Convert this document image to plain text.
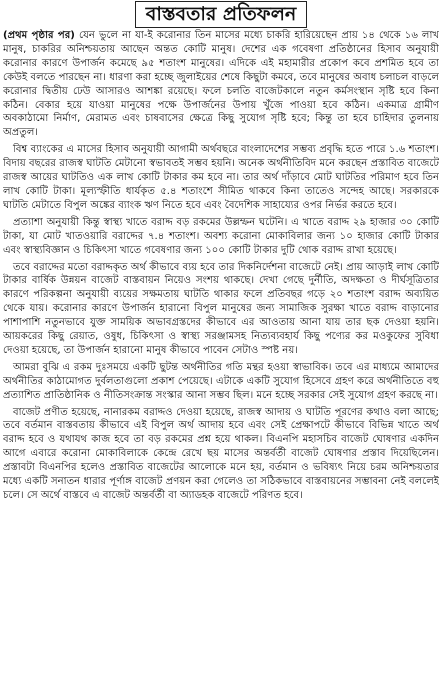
বাস্তবতার প্রতিফলন

(প্রথম পৃষ্ঠার পর) যেন ভুলে না যা-ই করোনার তিন মাসের মধ্যে চাকরি হারিয়েছেন প্রায় ১৪ থেকে ১৬ লাখ মানুষ, চাকরির অনিশ্চয়তায় আছেন অন্তত কোটি মানুষ। দেশের এক গবেষণা প্রতিষ্ঠানের হিসাব অনুযায়ী করোনার কারণে উপার্জন কমেছে ৯৫ শতাংশ মানুষের। এদিকে এই মহামারীর প্রকোপ কবে প্রশমিত হবে তা কেউই বলতে পারছেন না। ধারণা করা হচ্ছে জুলাইয়ের শেষে কিছুটা কমবে, তবে মানুষের অবাধ চলাচল বাড়লে করোনার দ্বিতীয় ঢেউ আসারও আশঙ্কা রয়েছে। ফলে চলতি বাজেটকালে নতুন কর্মসংস্থান সৃষ্টি হবে কিনা কঠিন। বেকার হয়ে যাওয়া মানুষের পক্ষে উপার্জনের উপায় খুঁজে পাওয়া হবে কঠিন। একমাত্র গ্রামীণ অবকাঠামো নির্মাণ, মেরামত এবং চাষবাসের ক্ষেত্রে কিছু সুযোগ সৃষ্টি হবে; কিন্তু তা হবে চাহিদার তুলনায় অপ্রতুল।

বিশ্ব ব্যাংকের এ মাসের হিসাব অনুযায়ী আগামী অর্থবছরে বাংলাদেশের সম্ভব্য প্রবৃদ্ধি হতে পারে ১.৬ শতাংশ। বিদায় বছরের রাজস্ব ঘাটতি মেটানো স্বভাবতই সম্ভব হয়নি। অনেক অর্থনীতিবিদ মনে করছেন প্রস্তাবিত বাজেটে রাজস্ব আয়ের ঘাটতিও এক লাখ কোটি টাকার কম হবে না। তার অর্থ দাঁড়াবে মোট ঘাটতির পরিমাণ হবে তিন লাখ কোটি টাকা। মূল্যস্ফীতি ধার্যকৃত ৫.৪ শতাংশে সীমিত থাকবে কিনা তাতেও সন্দেহ আছে। সরকারকে ঘাটতি মেটাতে বিপুল অঙ্কের ব্যাংক ঋণ নিতে হবে এবং বৈদেশিক সাহায্যের ওপর নির্ভর করতে হবে।

প্রত্যাশা অনুযায়ী কিন্তু স্বাস্থ্য খাতে বরাদ্দ বড় রকমের উল্লম্ফন ঘটেনি। এ খাতে বরাদ্দ ২৯ হাজার ৩০ কোটি টাকা, যা মোট খাতওয়ারি বরাদ্দের ৭.৪ শতাংশ। অবশ্য করোনা মোকাবিলার জন্য ১০ হাজার কোটি টাকার এবং স্বাস্থ্যবিজ্ঞান ও চিকিৎসা খাতে গবেষণার জন্য ১০০ কোটি টাকার দুটি থোক বরাদ্দ রাখা হয়েছে।

তবে বরাদ্দের মতো বরাদ্দকৃত অর্থ কীভাবে ব্যয় হবে তার দিকনির্দেশনা বাজেটে নেই। প্রায় আড়াই লাখ কোটি টাকার বার্ষিক উন্নয়ন বাজেট বাস্তবায়ন নিয়েও সংশয় থাকছে। দেখা গেছে দুর্নীতি, অদক্ষতা ও দীর্ঘসূত্রিতার কারণে পরিকল্পনা অনুযায়ী ব্যয়ের সক্ষমতায় ঘাটতি থাকার ফলে প্রতিবছর গড়ে ২০ শতাংশ বরাদ্দ অব্যয়িত থেকে যায়। করোনার কারণে উপার্জন হারানো বিপুল মানুষের জন্য সামাজিক সুরক্ষা খাতে বরাদ্দ বাড়ানোর পাশাপাশি নতুনভাবে যুক্ত সাময়িক অভাবগ্রস্তদের কীভাবে এর আওতায় আনা যায় তার ছক দেওয়া হয়নি। আয়করের কিছু রেয়াত, ওষুধ, চিকিৎসা ও স্বাস্থ্য সরঞ্জামসহ নিত্যব্যবহার্য কিছু পণ্যের কর মওকুফের সুবিধা দেওয়া হয়েছে, তা উপার্জন হারানো মানুষ কীভাবে পাবেন সেটাও স্পষ্ট নয়।

আমরা বুঝি এ রকম দুঃসময়ে একটি ছুটন্ত অর্থনীতির গতি মন্থর হওয়া স্বাভাবিক। তবে এর মাধ্যমে আমাদের অর্থনীতির কাঠামোগত দুর্বলতাগুলো প্রকাশ পেয়েছে। এটাকে একটি সুযোগ হিসেবে গ্রহণ করে অর্থনীতিতে বহু প্রত্যাশিত প্রাতিষ্ঠানিক ও নীতিসংক্রান্ত সংস্কার আনা সম্ভব ছিল। মনে হচ্ছে সরকার সেই সুযোগ গ্রহণ করছে না।

বাজেট প্রণীত হয়েছে, নানারকম বরাদ্দও দেওয়া হয়েছে, রাজস্ব আদায় ও ঘাটতি পূরণের কথাও বলা আছে; তবে বর্তমান বাস্তবতায় কীভাবে এই বিপুল অর্থ আদায় হবে এবং সেই প্রেক্ষাপটে কীভাবে বিভিন্ন খাতে অর্থ বরাদ্দ হবে ও যথাযথ কাজ হবে তা বড় রকমের প্রশ্ন হয়ে থাকল। বিএনপি মহাসচিব বাজেট ঘোষণার একদিন আগে এবারে করোনা মোকাবিলাকে কেন্দ্রে রেখে ছয় মাসের অন্তর্বর্তী বাজেট ঘোষণার প্রস্তাব দিয়েছিলেন। প্রস্তাবটা বিএনপির হলেও প্রস্তাবিত বাজেটের আলোকে মনে হয়, বর্তমান ও ভবিষ্যৎ নিয়ে চরম অনিশ্চয়তার মধ্যে একটি সনাতন ধারার পূর্ণাঙ্গ বাজেট প্রণয়ন করা গেলেও তা সঠিকভাবে বাস্তবায়নের সম্ভাবনা নেই বললেই চলে। সে অর্থে বাস্তবে এ বাজেট অন্তর্বর্তী বা অ্যাডহক বাজেটে পরিণত হবে।
